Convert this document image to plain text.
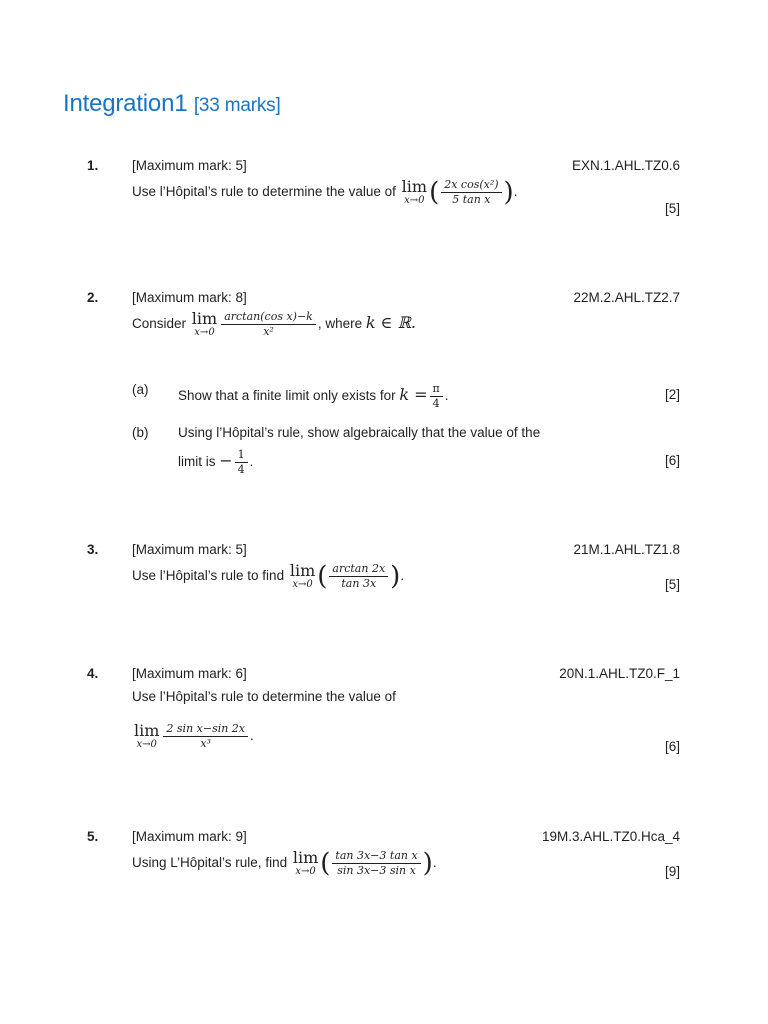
Integration1 [33 marks]
1. [Maximum mark: 5]	EXN.1.AHL.TZ0.6
Use l’Hôpital’s rule to determine the value of lim
x→0 ( $\frac{\text{2x cos(x²)}}{\text{5 tan x}}$ ).
[5]
2. [Maximum mark: 8]	22M.2.AHL.TZ2.7
Consider lim
$x\to 0 \frac{\text{arctan(cos x)−k}}{\text{x²}}$ , where k ∈ ℝ.
(a) Show that a finite limit only exists for $k = \frac{\pi}{4}$ .	[2]
(b) Using l’Hôpital’s rule, show algebraically that the value of the
limit is − $\frac{1}{4}$ .	[6]
3. [Maximum mark: 5]	21M.1.AHL.TZ1.8
Use l’Hôpital’s rule to find lim
x→0 ( $\frac{\arctan 2x}{\tan 3x}$ ).
[5]
4. [Maximum mark: 6]	20N.1.AHL.TZ0.F_1
Use l’Hôpital’s rule to determine the value of
lim
$x\to 0 \frac{\text{2 sin x−sin 2x}}{\text{x³}}$ .
[6]
5. [Maximum mark: 9]	19M.3.AHL.TZ0.Hca_4
Using L’Hôpital’s rule, find lim
x→0 ( $\frac{\text{tan 3x−3 tan x}}{\text{sin 3x−3 sin x}}$ ).
[9]
